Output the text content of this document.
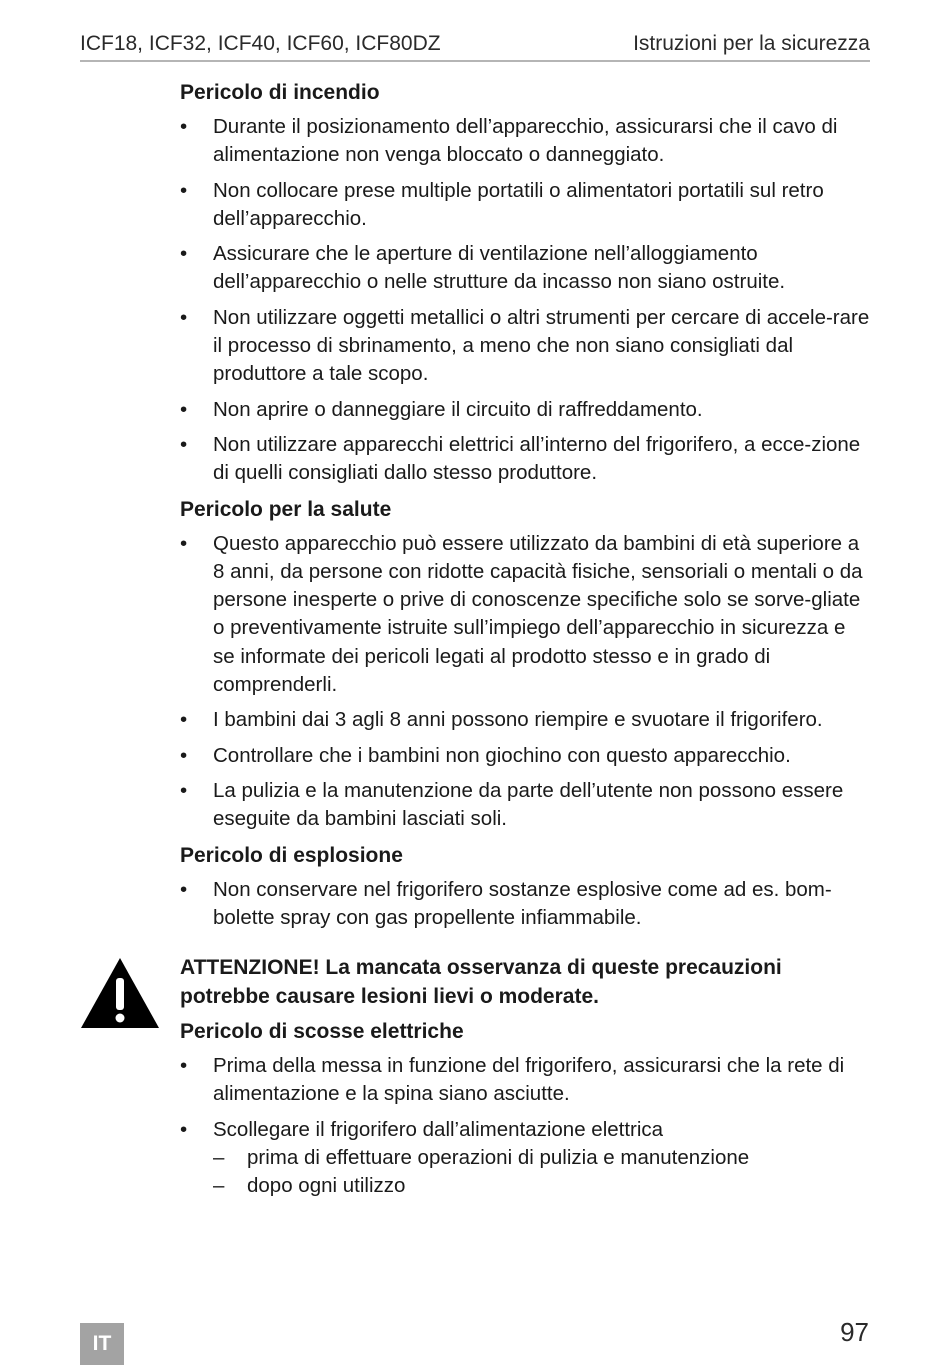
ICF18, ICF32, ICF40, ICF60, ICF80DZ	Istruzioni per la sicurezza
Pericolo di incendio
• Durante il posizionamento dell’apparecchio, assicurarsi che il cavo di alimentazione non venga bloccato o danneggiato.
• Non collocare prese multiple portatili o alimentatori portatili sul retro dell’apparecchio.
• Assicurare che le aperture di ventilazione nell’alloggiamento dell’apparecchio o nelle strutture da incasso non siano ostruite.
• Non utilizzare oggetti metallici o altri strumenti per cercare di accele-rare il processo di sbrinamento, a meno che non siano consigliati dal produttore a tale scopo.
• Non aprire o danneggiare il circuito di raffreddamento.
• Non utilizzare apparecchi elettrici all’interno del frigorifero, a ecce-zione di quelli consigliati dallo stesso produttore.
Pericolo per la salute
• Questo apparecchio può essere utilizzato da bambini di età superiore a 8 anni, da persone con ridotte capacità fisiche, sensoriali o mentali o da persone inesperte o prive di conoscenze specifiche solo se sorve-gliate o preventivamente istruite sull’impiego dell’apparecchio in sicurezza e se informate dei pericoli legati al prodotto stesso e in grado di comprenderli.
• I bambini dai 3 agli 8 anni possono riempire e svuotare il frigorifero.
• Controllare che i bambini non giochino con questo apparecchio.
• La pulizia e la manutenzione da parte dell’utente non possono essere eseguite da bambini lasciati soli.
Pericolo di esplosione
• Non conservare nel frigorifero sostanze esplosive come ad es. bom-bolette spray con gas propellente infiammabile.
ATTENZIONE! La mancata osservanza di queste precauzioni potrebbe causare lesioni lievi o moderate.
Pericolo di scosse elettriche
• Prima della messa in funzione del frigorifero, assicurarsi che la rete di alimentazione e la spina siano asciutte.
• Scollegare il frigorifero dall’alimentazione elettrica
– prima di effettuare operazioni di pulizia e manutenzione
– dopo ogni utilizzo
IT	97
